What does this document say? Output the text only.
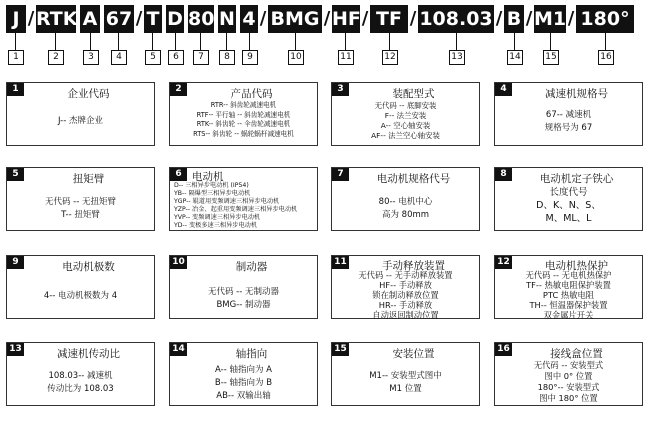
J / RTK A 67 / T D 80 N 4 / BMG / HF / TF / 108.03 / B / M1 / 180°
1	2	3	4	5	6	7	8	9	10	11	12	13	14	15	16
1	企业代码
J-- 杰牌企业
2	产品代码
RTR-- 斜齿轮减速电机
RTF-- 平行轴 -- 斜齿轮减速电机
RTK-- 斜齿轮 -- 伞齿轮减速电机
RTS-- 斜齿轮 -- 蜗轮蜗杆减速电机
3	装配型式
无代码 -- 底脚安装
F-- 法兰安装
A-- 空心轴安装
AF-- 法兰空心轴安装
4	减速机规格号
67-- 减速机
规格号为 67
5	扭矩臂
无代码 -- 无扭矩臂
T-- 扭矩臂
6 电动机
D-- 三相异步电动机 (IP54)
YB-- 隔爆型三相异步电动机
YGP-- 辊道用变频调速三相异步电动机
YZP-- 冶金、起重用变频调速三相异步电动机
YVP-- 变频调速三相异步电动机
YD-- 变极多速三相异步电动机
7	电动机规格代号
80-- 电机中心
高为 80mm
8	电动机定子铁心
长度代号
D、K、N、S、
M、ML、L
9	电动机极数
4-- 电动机极数为 4
10	制动器
无代码 -- 无制动器
BMG-- 制动器
11	手动释放装置
无代码 -- 无手动释放装置
HF-- 手动释放
锁在制动释放位置
HR-- 手动释放
自动返回制动位置
12	电动机热保护
无代码 -- 无电机热保护
TF-- 热敏电阻保护装置
PTC 热敏电阻
TH-- 恒温器保护装置
双金属片开关
13	减速机传动比
108.03-- 减速机
传动比为 108.03
14	轴指向
A-- 轴指向为 A
B-- 轴指向为 B
AB-- 双输出轴
15	安装位置
M1-- 安装型式图中
M1 位置
16	接线盒位置
无代码 -- 安装型式
图中 0° 位置
180°-- 安装型式
图中 180° 位置
